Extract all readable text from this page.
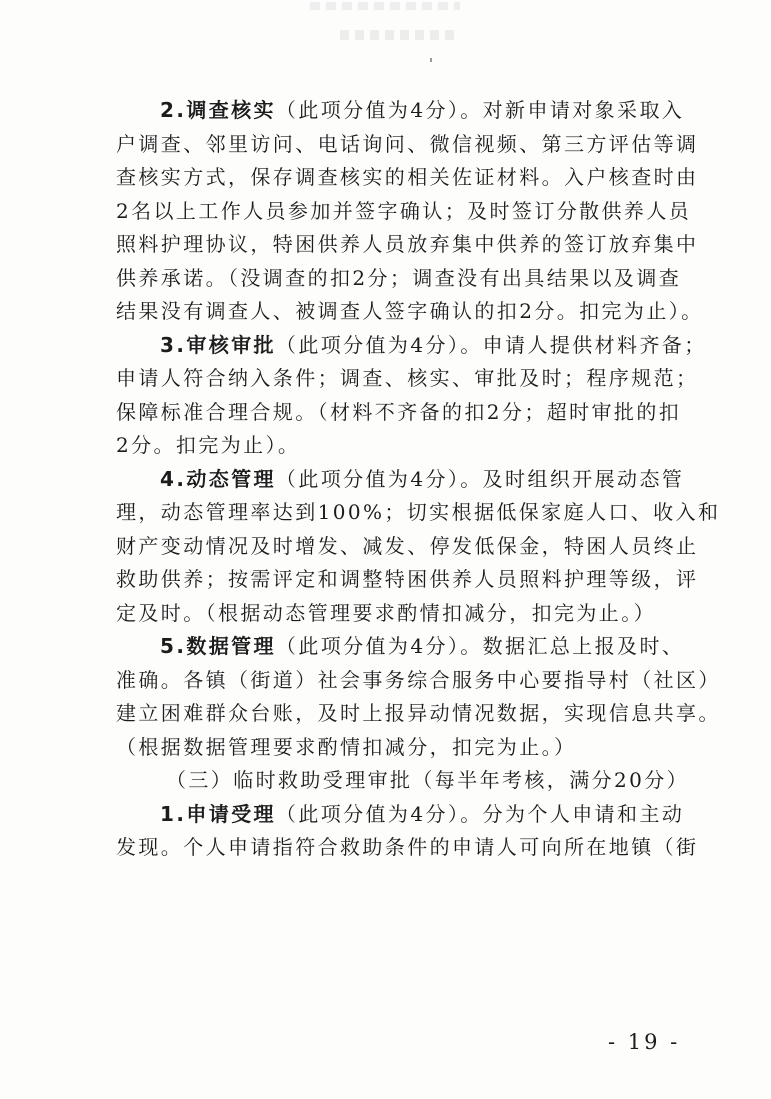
2.调查核实（此项分值为4分）。对新申请对象采取入
户调查、邻里访问、电话询问、微信视频、第三方评估等调
查核实方式，保存调查核实的相关佐证材料。入户核查时由
2名以上工作人员参加并签字确认；及时签订分散供养人员
照料护理协议，特困供养人员放弃集中供养的签订放弃集中
供养承诺。（没调查的扣2分；调查没有出具结果以及调查
结果没有调查人、被调查人签字确认的扣2分。扣完为止）。
3.审核审批（此项分值为4分）。申请人提供材料齐备；
申请人符合纳入条件；调查、核实、审批及时；程序规范；
保障标准合理合规。（材料不齐备的扣2分；超时审批的扣
2分。扣完为止）。
4.动态管理（此项分值为4分）。及时组织开展动态管
理，动态管理率达到100%；切实根据低保家庭人口、收入和
财产变动情况及时增发、减发、停发低保金，特困人员终止
救助供养；按需评定和调整特困供养人员照料护理等级，评
定及时。（根据动态管理要求酌情扣减分，扣完为止。）
5.数据管理（此项分值为4分）。数据汇总上报及时、
准确。各镇（街道）社会事务综合服务中心要指导村（社区）
建立困难群众台账，及时上报异动情况数据，实现信息共享。
（根据数据管理要求酌情扣减分，扣完为止。）
（三）临时救助受理审批（每半年考核，满分20分）
1.申请受理（此项分值为4分）。分为个人申请和主动
发现。个人申请指符合救助条件的申请人可向所在地镇（街
- 19 -
